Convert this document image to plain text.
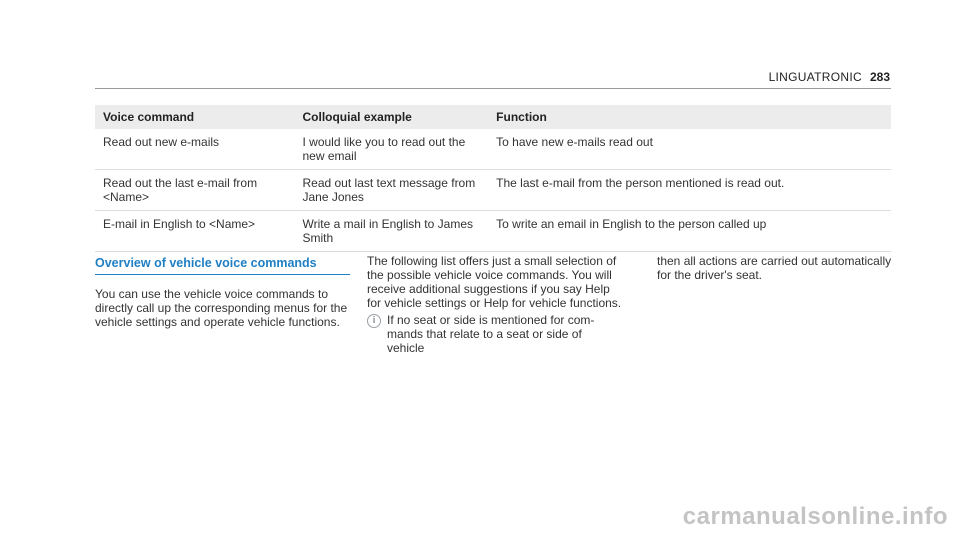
LINGUATRONIC 283
Voice command	Colloquial example	Function
Read out new e-mails	I would like you to read out the new email	To have new e-mails read out
Read out the last e-mail from <Name>	Read out last text message from Jane Jones	The last e-mail from the person mentioned is read out.
E-mail in English to <Name>	Write a mail in English to James Smith	To write an email in English to the person called up
Overview of vehicle voice commands

You can use the vehicle voice commands to directly call up the corresponding menus for the vehicle settings and operate vehicle functions.

The following list offers just a small selection of the possible vehicle voice commands. You will receive additional suggestions if you say Help for vehicle settings or Help for vehicle functions.

i If no seat or side is mentioned for com-​mands that relate to a seat or side of vehicle

then all actions are carried out automatically for the driver's seat.

carmanualsonline.info
